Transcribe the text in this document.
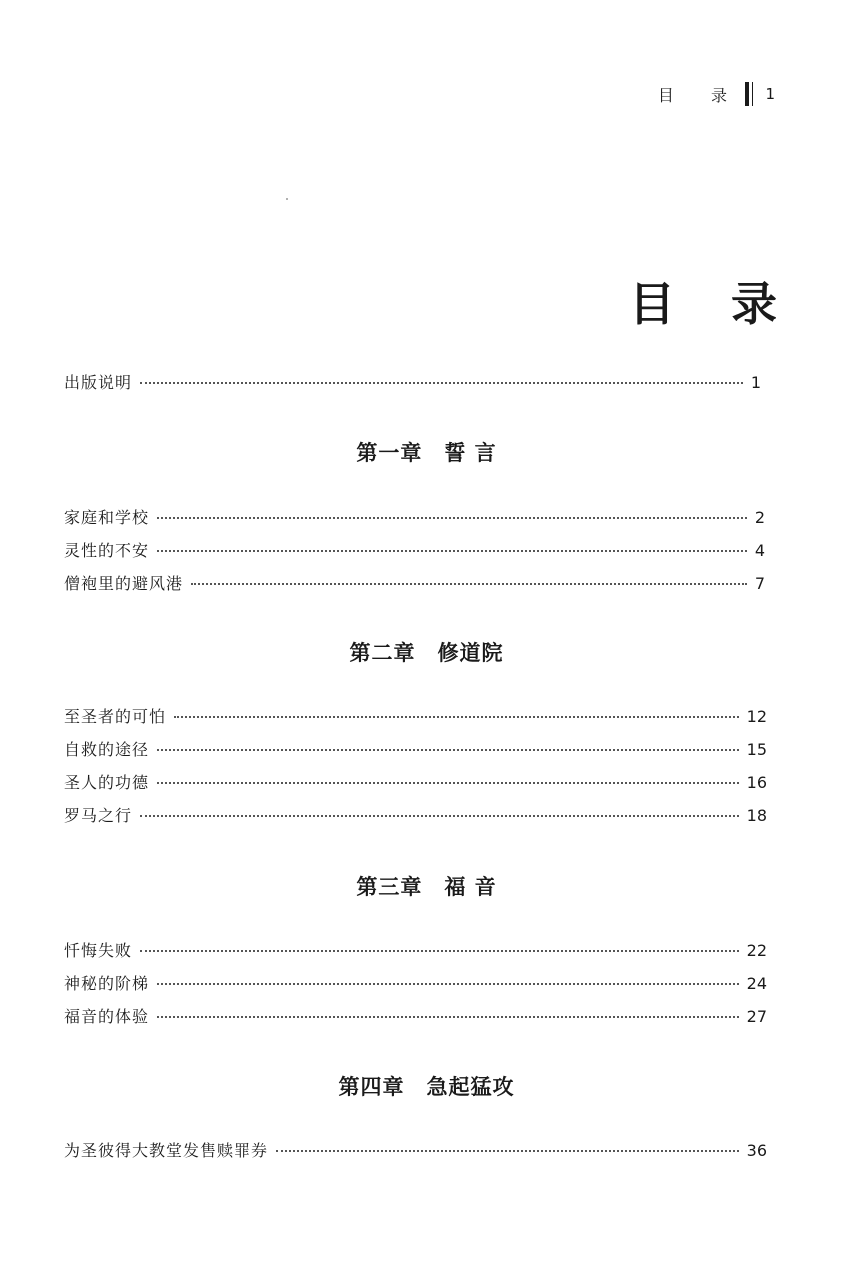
目 录 1
目 录
出版说明	1
第一章 誓 言
家庭和学校	2
灵性的不安	4
僧袍里的避风港	7
第二章 修道院
至圣者的可怕	12
自救的途径	15
圣人的功德	16
罗马之行	18
第三章 福 音
忏悔失败	22
神秘的阶梯	24
福音的体验	27
第四章 急起猛攻
为圣彼得大教堂发售赎罪券	36
